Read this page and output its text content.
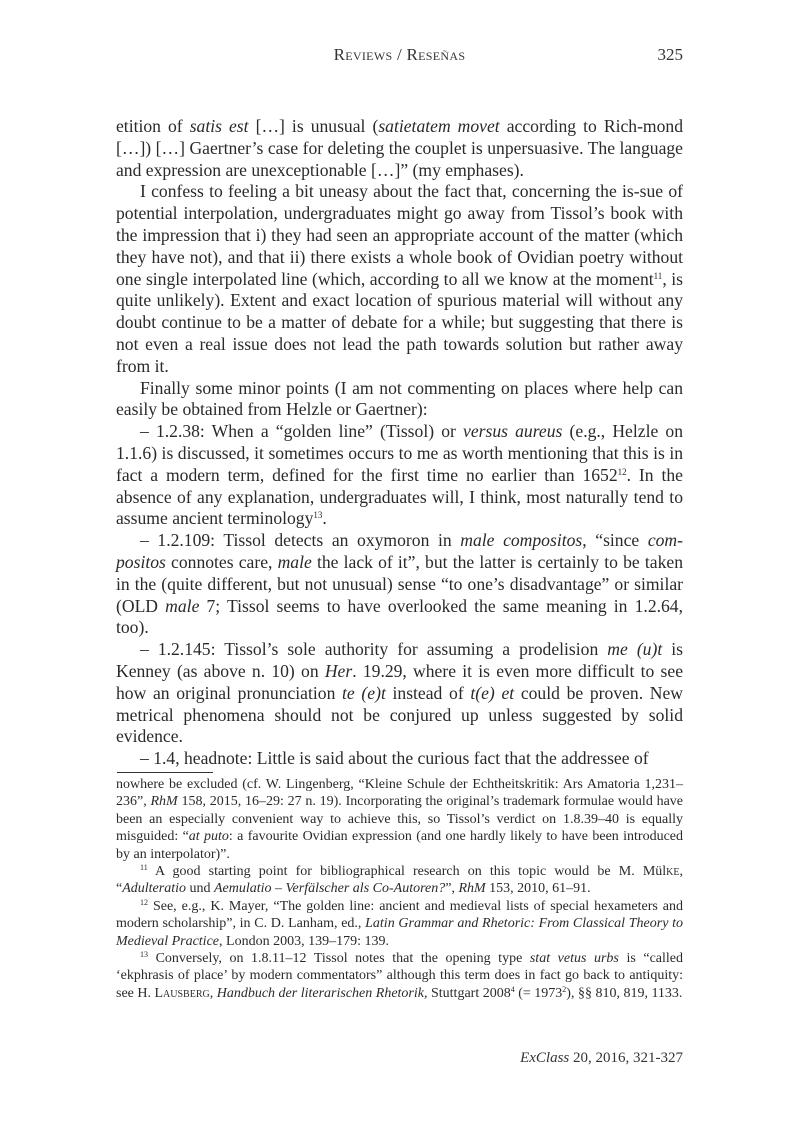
Reviews / Reseñas	325

etition of satis est […] is unusual (satietatem movet according to Rich-mond […]) […] Gaertner’s case for deleting the couplet is unpersuasive. The language and expression are unexceptionable […]” (my emphases).

I confess to feeling a bit uneasy about the fact that, concerning the is-sue of potential interpolation, undergraduates might go away from Tissol’s book with the impression that i) they had seen an appropriate account of the matter (which they have not), and that ii) there exists a whole book of Ovidian poetry without one single interpolated line (which, according to all we know at the moment$^{11}$, is quite unlikely). Extent and exact location of spurious material will without any doubt continue to be a matter of debate for a while; but suggesting that there is not even a real issue does not lead the path towards solution but rather away from it.

Finally some minor points (I am not commenting on places where help can easily be obtained from Helzle or Gaertner):

– 1.2.38: When a “golden line” (Tissol) or versus aureus (e.g., Helzle on 1.1.6) is discussed, it sometimes occurs to me as worth mentioning that this is in fact a modern term, defined for the first time no earlier than 1652$^{12}$. In the absence of any explanation, undergraduates will, I think, most naturally tend to assume ancient terminology$^{13}$.

– 1.2.109: Tissol detects an oxymoron in male compositos, “since com-positos connotes care, male the lack of it”, but the latter is certainly to be taken in the (quite different, but not unusual) sense “to one’s disadvantage” or similar (OLD male 7; Tissol seems to have overlooked the same meaning in 1.2.64, too).

– 1.2.145: Tissol’s sole authority for assuming a prodelision me (u)t is Kenney (as above n. 10) on Her. 19.29, where it is even more difficult to see how an original pronunciation te (e)t instead of t(e) et could be proven. New metrical phenomena should not be conjured up unless suggested by solid evidence.

– 1.4, headnote: Little is said about the curious fact that the addressee of

nowhere be excluded (cf. W. Lingenberg, “Kleine Schule der Echtheitskritik: Ars Amatoria 1,231–236”, RhM 158, 2015, 16–29: 27 n. 19). Incorporating the original’s trademark formulae would have been an especially convenient way to achieve this, so Tissol’s verdict on 1.8.39–40 is equally misguided: “at puto: a favourite Ovidian expression (and one hardly likely to have been introduced by an interpolator)”.

$^{11}$ A good starting point for bibliographical research on this topic would be M. Mülke, “Adulteratio und Aemulatio – Verfälscher als Co-Autoren?”, RhM 153, 2010, 61–91.

$^{12}$ See, e.g., K. Mayer, “The golden line: ancient and medieval lists of special hexameters and modern scholarship”, in C. D. Lanham, ed., Latin Grammar and Rhetoric: From Classical Theory to Medieval Practice, London 2003, 139–179: 139.

$^{13}$ Conversely, on 1.8.11–12 Tissol notes that the opening type stat vetus urbs is “called ‘ekphrasis of place’ by modern commentators” although this term does in fact go back to antiquity: see H. Lausberg, Handbuch der literarischen Rhetorik, Stuttgart 2008$^4$ (= $1973^2$), §§ 810, 819, 1133.

ExClass 20, 2016, 321-327
